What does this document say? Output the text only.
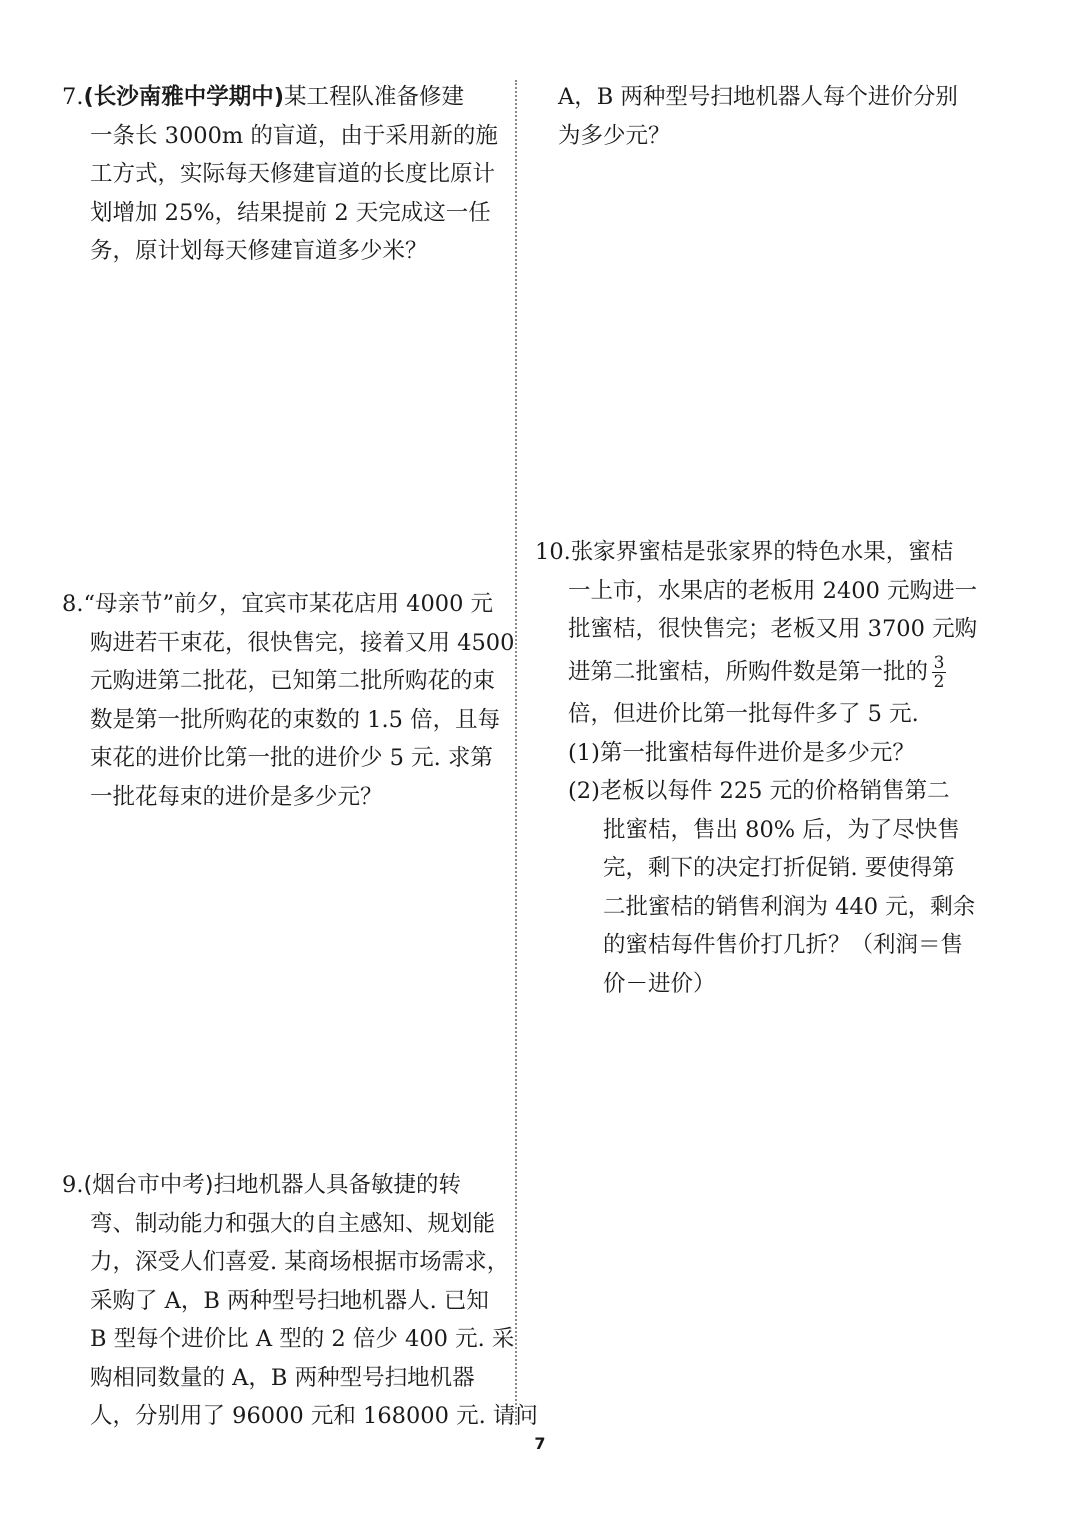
7.(长沙南雅中学期中)某工程队准备修建
一条长 3000m 的盲道，由于采用新的施
工方式，实际每天修建盲道的长度比原计
划增加 25%，结果提前 2 天完成这一任
务，原计划每天修建盲道多少米？
8.“母亲节”前夕，宜宾市某花店用 4000 元
购进若干束花，很快售完，接着又用 4500
元购进第二批花，已知第二批所购花的束
数是第一批所购花的束数的 1.5 倍，且每
束花的进价比第一批的进价少 5 元. 求第
一批花每束的进价是多少元？
9.(烟台市中考)扫地机器人具备敏捷的转
弯、制动能力和强大的自主感知、规划能
力，深受人们喜爱. 某商场根据市场需求，
采购了 A，B 两种型号扫地机器人. 已知
B 型每个进价比 A 型的 2 倍少 400 元. 采
购相同数量的 A，B 两种型号扫地机器
人，分别用了 96000 元和 168000 元. 请问
A，B 两种型号扫地机器人每个进价分别
为多少元？
10.张家界蜜桔是张家界的特色水果，蜜桔
一上市，水果店的老板用 2400 元购进一
批蜜桔，很快售完；老板又用 3700 元购
进第二批蜜桔，所购件数是第一批的 $\frac{3}{2}$
倍，但进价比第一批每件多了 5 元.
(1)第一批蜜桔每件进价是多少元？
(2)老板以每件 225 元的价格销售第二
批蜜桔，售出 80% 后，为了尽快售
完，剩下的决定打折促销. 要使得第
二批蜜桔的销售利润为 440 元，剩余
的蜜桔每件售价打几折？（利润＝售
价－进价）
7
